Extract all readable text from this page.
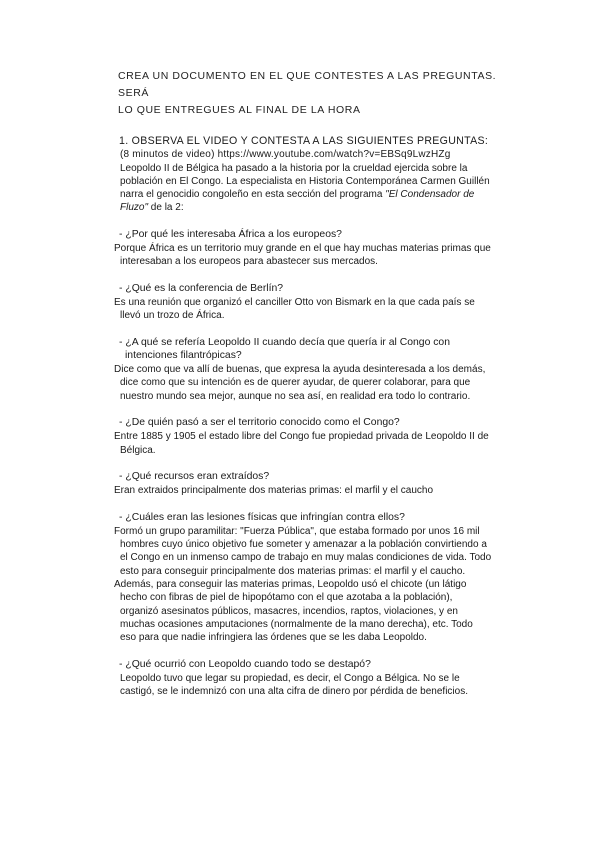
CREA UN DOCUMENTO EN EL QUE CONTESTES A LAS PREGUNTAS. SERÁ
LO QUE ENTREGUES AL FINAL DE LA HORA
1. OBSERVA EL VIDEO Y CONTESTA A LAS SIGUIENTES PREGUNTAS:
(8 minutos de video) https://www.youtube.com/watch?v=EBSq9LwzHZg
Leopoldo II de Bélgica ha pasado a la historia por la crueldad ejercida sobre la
población en El Congo. La especialista en Historia Contemporánea Carmen Guillén
narra el genocidio congoleño en esta sección del programa "El Condensador de
Fluzo" de la 2:
- ¿Por qué les interesaba África a los europeos?

Porque África es un territorio muy grande en el que hay muchas materias primas que
interesaban a los europeos para abastecer sus mercados.

- ¿Qué es la conferencia de Berlín?

Es una reunión que organizó el canciller Otto von Bismark en la que cada país se
llevó un trozo de África.

- ¿A qué se refería Leopoldo II cuando decía que quería ir al Congo con
intenciones filantrópicas?

Dice como que va allí de buenas, que expresa la ayuda desinteresada a los demás,
dice como que su intención es de querer ayudar, de querer colaborar, para que
nuestro mundo sea mejor, aunque no sea así, en realidad era todo lo contrario.

- ¿De quién pasó a ser el territorio conocido como el Congo?

Entre 1885 y 1905 el estado libre del Congo fue propiedad privada de Leopoldo II de
Bélgica.

- ¿Qué recursos eran extraídos?

Eran extraidos principalmente dos materias primas: el marfil y el caucho

- ¿Cuáles eran las lesiones físicas que infringían contra ellos?

Formó un grupo paramilitar: "Fuerza Pública", que estaba formado por unos 16 mil
hombres cuyo único objetivo fue someter y amenazar a la población convirtiendo a
el Congo en un inmenso campo de trabajo en muy malas condiciones de vida. Todo
esto para conseguir principalmente dos materias primas: el marfil y el caucho.

Además, para conseguir las materias primas, Leopoldo usó el chicote (un látigo
hecho con fibras de piel de hipopótamo con el que azotaba a la población),
organizó asesinatos públicos, masacres, incendios, raptos, violaciones, y en
muchas ocasiones amputaciones (normalmente de la mano derecha), etc. Todo
eso para que nadie infringiera las órdenes que se les daba Leopoldo.

- ¿Qué ocurrió con Leopoldo cuando todo se destapó?

Leopoldo tuvo que legar su propiedad, es decir, el Congo a Bélgica. No se le
castigó, se le indemnizó con una alta cifra de dinero por pérdida de beneficios.
